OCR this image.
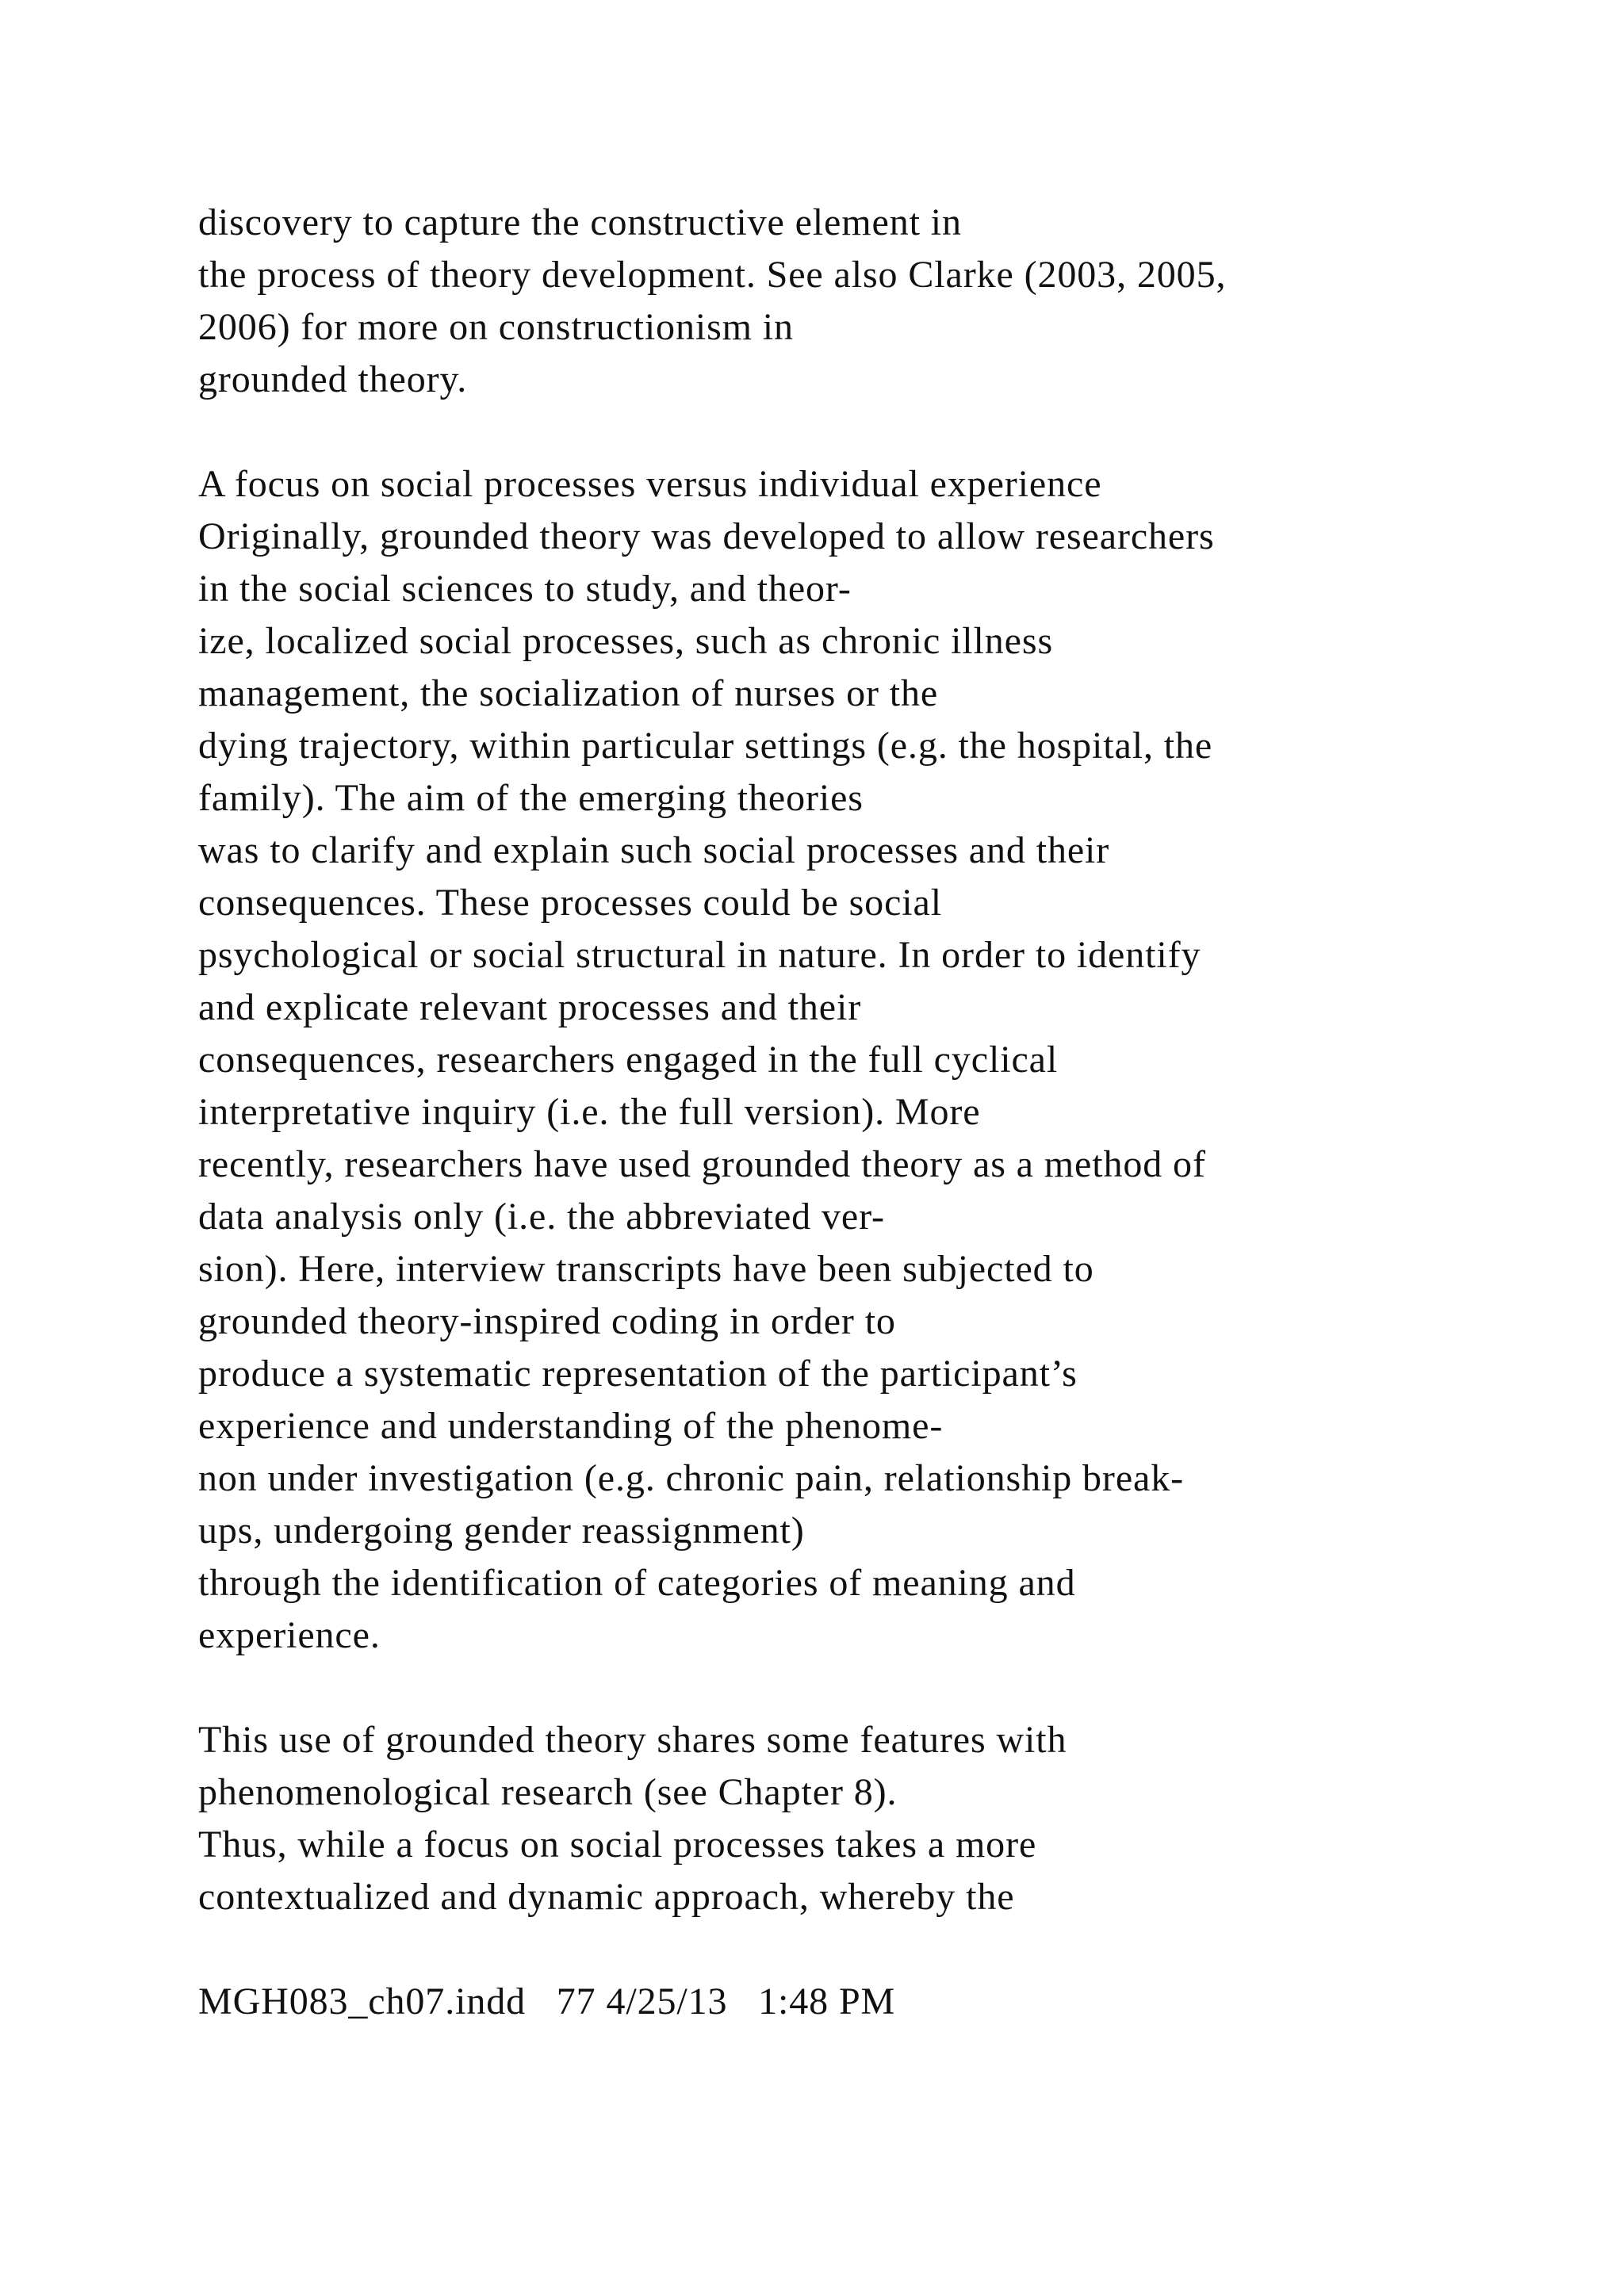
discovery to capture the constructive element in
the process of theory development. See also Clarke (2003, 2005,
2006) for more on constructionism in
grounded theory.
A focus on social processes versus individual experience
Originally, grounded theory was developed to allow researchers
in the social sciences to study, and theor-
ize, localized social processes, such as chronic illness
management, the socialization of nurses or the
dying trajectory, within particular settings (e.g. the hospital, the
family). The aim of the emerging theories
was to clarify and explain such social processes and their
consequences. These processes could be social
psychological or social structural in nature. In order to identify
and explicate relevant processes and their
consequences, researchers engaged in the full cyclical
interpretative inquiry (i.e. the full version). More
recently, researchers have used grounded theory as a method of
data analysis only (i.e. the abbreviated ver-
sion). Here, interview transcripts have been subjected to
grounded theory-inspired coding in order to
produce a systematic representation of the participant’s
experience and understanding of the phenome-
non under investigation (e.g. chronic pain, relationship break-
ups, undergoing gender reassignment)
through the identification of categories of meaning and
experience.
This use of grounded theory shares some features with
phenomenological research (see Chapter 8).
Thus, while a focus on social processes takes a more
contextualized and dynamic approach, whereby the
MGH083_ch07.indd   77 4/25/13   1:48 PM
